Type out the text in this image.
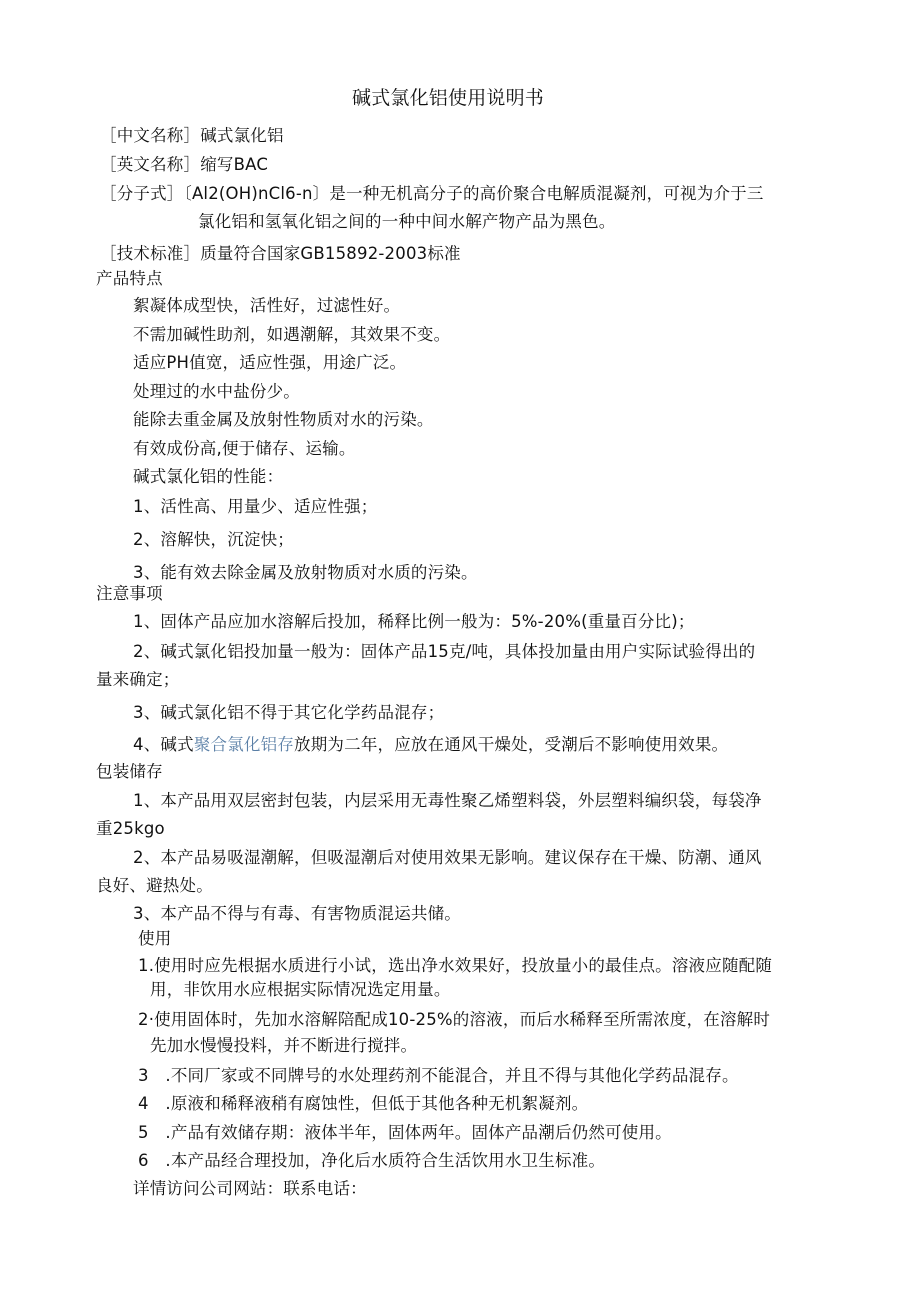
碱式氯化铝使用说明书
［中文名称］碱式氯化铝
［英文名称］缩写BAC
［分子式］〔Al2(OH)nCl6-n〕是一种无机高分子的高价聚合电解质混凝剂，可视为介于三
氯化铝和氢氧化铝之间的一种中间水解产物产品为黑色。
［技术标准］质量符合国家GB15892-2003标准
产品特点
絮凝体成型快，活性好，过滤性好。
不需加碱性助剂，如遇潮解，其效果不变。
适应PH值宽，适应性强，用途广泛。
处理过的水中盐份少。
能除去重金属及放射性物质对水的污染。
有效成份高,便于储存、运输。
碱式氯化铝的性能：
1、活性高、用量少、适应性强；
2、溶解快，沉淀快；
3、能有效去除金属及放射物质对水质的污染。
注意事项
1、固体产品应加水溶解后投加，稀释比例一般为：5%-20%(重量百分比)；
2、碱式氯化铝投加量一般为：固体产品15克/吨，具体投加量由用户实际试验得出的
量来确定；
3、碱式氯化铝不得于其它化学药品混存；
4、碱式聚合氯化铝存放期为二年，应放在通风干燥处，受潮后不影响使用效果。
包装储存
1、本产品用双层密封包装，内层采用无毒性聚乙烯塑料袋，外层塑料编织袋，每袋净
重25kgo
2、本产品易吸湿潮解，但吸湿潮后对使用效果无影响。建议保存在干燥、防潮、通风
良好、避热处。
3、本产品不得与有毒、有害物质混运共储。
使用
1.使用时应先根据水质进行小试，选出净水效果好，投放量小的最佳点。溶液应随配随
用，非饮用水应根据实际情况选定用量。
2·使用固体时，先加水溶解陪配成10-25%的溶液，而后水稀释至所需浓度，在溶解时
先加水慢慢投料，并不断进行搅拌。
3　.不同厂家或不同牌号的水处理药剂不能混合，并且不得与其他化学药品混存。
4　.原液和稀释液稍有腐蚀性，但低于其他各种无机絮凝剂。
5　.产品有效储存期：液体半年，固体两年。固体产品潮后仍然可使用。
6　.本产品经合理投加，净化后水质符合生活饮用水卫生标准。
详情访问公司网站：联系电话：
